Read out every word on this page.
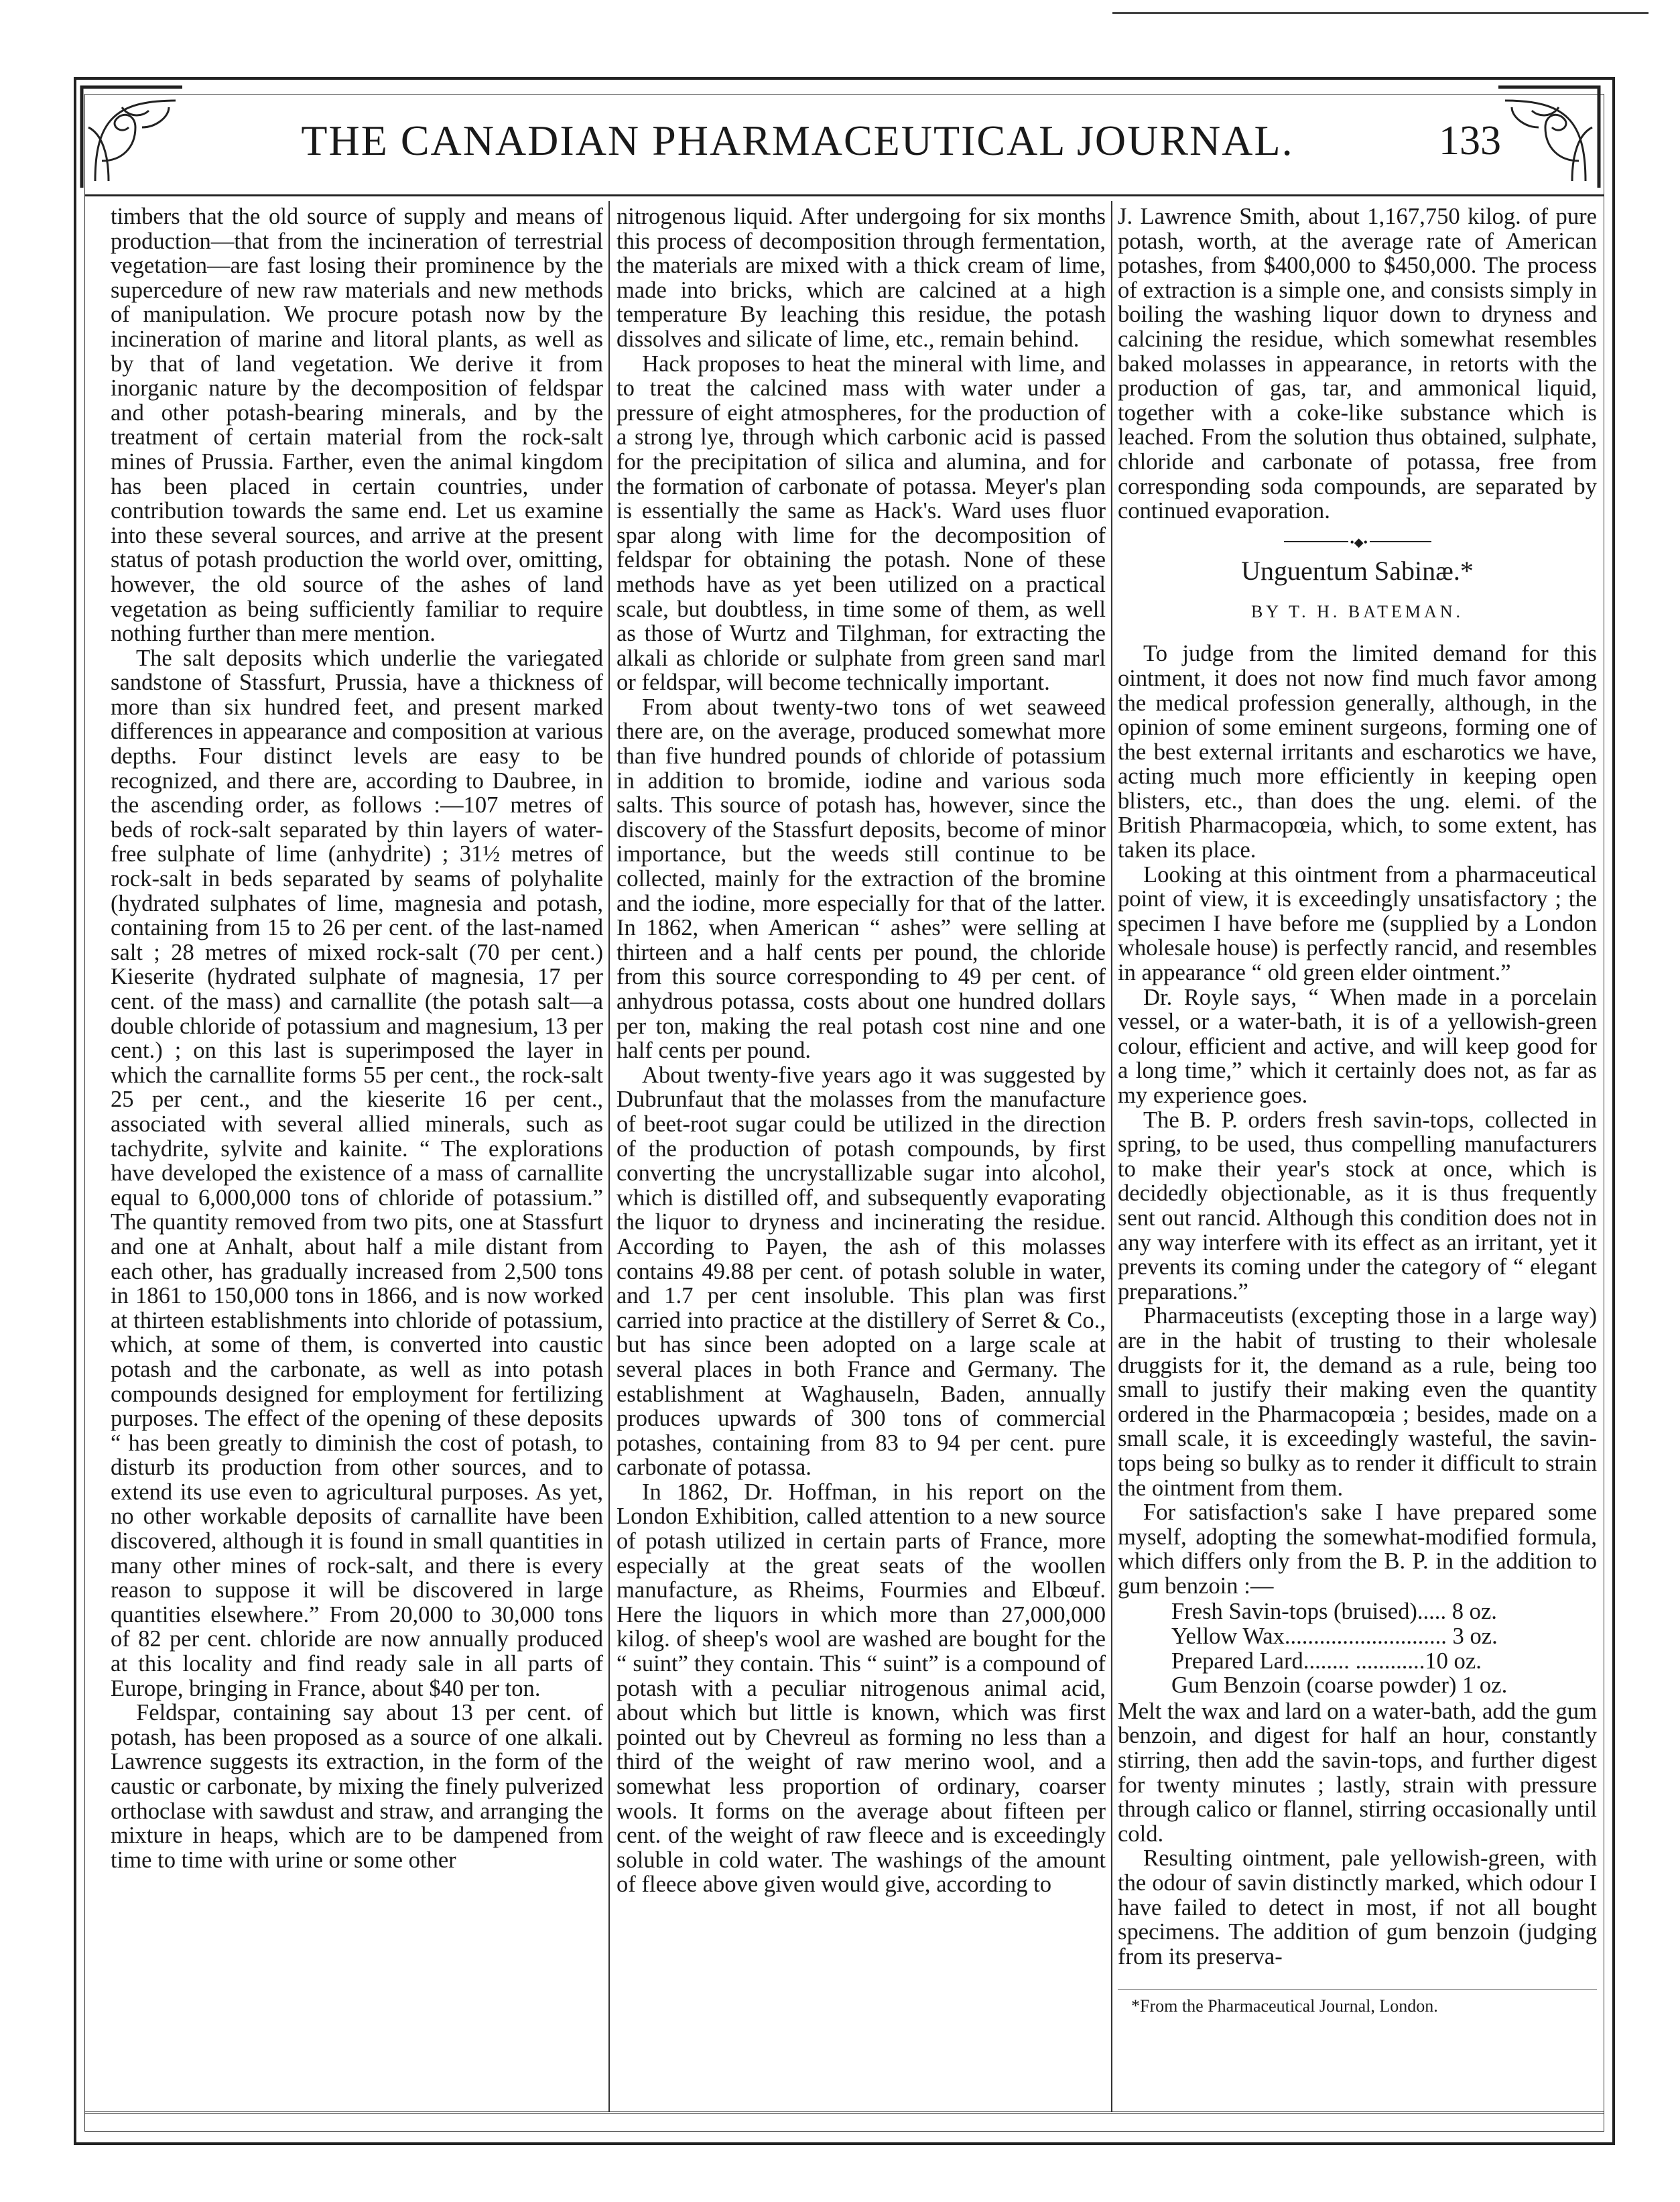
THE CANADIAN PHARMACEUTICAL JOURNAL.	133

timbers that the old source of supply and means of production—that from the incineration of terrestrial vegetation—are fast losing their prominence by the supercedure of new raw materials and new methods of manipulation. We procure potash now by the incineration of marine and litoral plants, as well as by that of land vegetation. We derive it from inorganic nature by the decomposition of feldspar and other potash-bearing minerals, and by the treatment of certain material from the rock-salt mines of Prussia. Farther, even the animal kingdom has been placed in certain countries, under contribution towards the same end. Let us examine into these several sources, and arrive at the present status of potash production the world over, omitting, however, the old source of the ashes of land vegetation as being sufficiently familiar to require nothing further than mere mention.

The salt deposits which underlie the variegated sandstone of Stassfurt, Prussia, have a thickness of more than six hundred feet, and present marked differences in appearance and composition at various depths. Four distinct levels are easy to be recognized, and there are, according to Daubree, in the ascending order, as follows :—107 metres of beds of rock-salt separated by thin layers of water-free sulphate of lime (anhydrite) ; 31½ metres of rock-salt in beds separated by seams of polyhalite (hydrated sulphates of lime, magnesia and potash, containing from 15 to 26 per cent. of the last-named salt ; 28 metres of mixed rock-salt (70 per cent.) Kieserite (hydrated sulphate of magnesia, 17 per cent. of the mass) and carnallite (the potash salt—a double chloride of potassium and magnesium, 13 per cent.) ; on this last is superimposed the layer in which the carnallite forms 55 per cent., the rock-salt 25 per cent., and the kieserite 16 per cent., associated with several allied minerals, such as tachydrite, sylvite and kainite. “ The explorations have developed the existence of a mass of carnallite equal to 6,000,000 tons of chloride of potassium.” The quantity removed from two pits, one at Stassfurt and one at Anhalt, about half a mile distant from each other, has gradually increased from 2,500 tons in 1861 to 150,000 tons in 1866, and is now worked at thirteen establishments into chloride of potassium, which, at some of them, is converted into caustic potash and the carbonate, as well as into potash compounds designed for employment for fertilizing purposes. The effect of the opening of these deposits “ has been greatly to diminish the cost of potash, to disturb its production from other sources, and to extend its use even to agricultural purposes. As yet, no other workable deposits of carnallite have been discovered, although it is found in small quantities in many other mines of rock-salt, and there is every reason to suppose it will be discovered in large quantities elsewhere.” From 20,000 to 30,000 tons of 82 per cent. chloride are now annually produced at this locality and find ready sale in all parts of Europe, bringing in France, about $40 per ton.

Feldspar, containing say about 13 per cent. of potash, has been proposed as a source of one alkali. Lawrence suggests its extraction, in the form of the caustic or carbonate, by mixing the finely pulverized orthoclase with sawdust and straw, and arranging the mixture in heaps, which are to be dampened from time to time with urine or some other

nitrogenous liquid. After undergoing for six months this process of decomposition through fermentation, the materials are mixed with a thick cream of lime, made into bricks, which are calcined at a high temperature By leaching this residue, the potash dissolves and silicate of lime, etc., remain behind.

Hack proposes to heat the mineral with lime, and to treat the calcined mass with water under a pressure of eight atmospheres, for the production of a strong lye, through which carbonic acid is passed for the precipitation of silica and alumina, and for the formation of carbonate of potassa. Meyer's plan is essentially the same as Hack's. Ward uses fluor spar along with lime for the decomposition of feldspar for obtaining the potash. None of these methods have as yet been utilized on a practical scale, but doubtless, in time some of them, as well as those of Wurtz and Tilghman, for extracting the alkali as chloride or sulphate from green sand marl or feldspar, will become technically important.

From about twenty-two tons of wet seaweed there are, on the average, produced somewhat more than five hundred pounds of chloride of potassium in addition to bromide, iodine and various soda salts. This source of potash has, however, since the discovery of the Stassfurt deposits, become of minor importance, but the weeds still continue to be collected, mainly for the extraction of the bromine and the iodine, more especially for that of the latter. In 1862, when American “ ashes” were selling at thirteen and a half cents per pound, the chloride from this source corresponding to 49 per cent. of anhydrous potassa, costs about one hundred dollars per ton, making the real potash cost nine and one half cents per pound.

About twenty-five years ago it was suggested by Dubrunfaut that the molasses from the manufacture of beet-root sugar could be utilized in the direction of the production of potash compounds, by first converting the uncrystallizable sugar into alcohol, which is distilled off, and subsequently evaporating the liquor to dryness and incinerating the residue. According to Payen, the ash of this molasses contains 49.88 per cent. of potash soluble in water, and 1.7 per cent insoluble. This plan was first carried into practice at the distillery of Serret & Co., but has since been adopted on a large scale at several places in both France and Germany. The establishment at Waghauseln, Baden, annually produces upwards of 300 tons of commercial potashes, containing from 83 to 94 per cent. pure carbonate of potassa.

In 1862, Dr. Hoffman, in his report on the London Exhibition, called attention to a new source of potash utilized in certain parts of France, more especially at the great seats of the woollen manufacture, as Rheims, Fourmies and Elbœuf. Here the liquors in which more than 27,000,000 kilog. of sheep's wool are washed are bought for the “ suint” they contain. This “ suint” is a compound of potash with a peculiar nitrogenous animal acid, about which but little is known, which was first pointed out by Chevreul as forming no less than a third of the weight of raw merino wool, and a somewhat less proportion of ordinary, coarser wools. It forms on the average about fifteen per cent. of the weight of raw fleece and is exceedingly soluble in cold water. The washings of the amount of fleece above given would give, according to

J. Lawrence Smith, about 1,167,750 kilog. of pure potash, worth, at the average rate of American potashes, from $400,000 to $450,000. The process of extraction is a simple one, and consists simply in boiling the washing liquor down to dryness and calcining the residue, which somewhat resembles baked molasses in appearance, in retorts with the production of gas, tar, and ammonical liquid, together with a coke-like substance which is leached. From the solution thus obtained, sulphate, chloride and carbonate of potassa, free from corresponding soda compounds, are separated by continued evaporation.

•◆•
Unguentum Sabinæ.*
BY T. H. BATEMAN.

To judge from the limited demand for this ointment, it does not now find much favor among the medical profession generally, although, in the opinion of some eminent surgeons, forming one of the best external irritants and escharotics we have, acting much more efficiently in keeping open blisters, etc., than does the ung. elemi. of the British Pharmacopœia, which, to some extent, has taken its place.

Looking at this ointment from a pharmaceutical point of view, it is exceedingly unsatisfactory ; the specimen I have before me (supplied by a London wholesale house) is perfectly rancid, and resembles in appearance “ old green elder ointment.”

Dr. Royle says, “ When made in a porcelain vessel, or a water-bath, it is of a yellowish-green colour, efficient and active, and will keep good for a long time,” which it certainly does not, as far as my experience goes.

The B. P. orders fresh savin-tops, collected in spring, to be used, thus compelling manufacturers to make their year's stock at once, which is decidedly objectionable, as it is thus frequently sent out rancid. Although this condition does not in any way interfere with its effect as an irritant, yet it prevents its coming under the category of “ elegant preparations.”

Pharmaceutists (excepting those in a large way) are in the habit of trusting to their wholesale druggists for it, the demand as a rule, being too small to justify their making even the quantity ordered in the Pharmacopœia ; besides, made on a small scale, it is exceedingly wasteful, the savin-tops being so bulky as to render it difficult to strain the ointment from them.

For satisfaction's sake I have prepared some myself, adopting the somewhat-modified formula, which differs only from the B. P. in the addition to gum benzoin :—

Fresh Savin-tops (bruised)..... 8 oz.
Yellow Wax............................ 3 oz.
Prepared Lard........ ............10 oz.
Gum Benzoin (coarse powder) 1 oz.

Melt the wax and lard on a water-bath, add the gum benzoin, and digest for half an hour, constantly stirring, then add the savin-tops, and further digest for twenty minutes ; lastly, strain with pressure through calico or flannel, stirring occasionally until cold.

Resulting ointment, pale yellowish-green, with the odour of savin distinctly marked, which odour I have failed to detect in most, if not all bought specimens. The addition of gum benzoin (judging from its preserva-

*From the Pharmaceutical Journal, London.
